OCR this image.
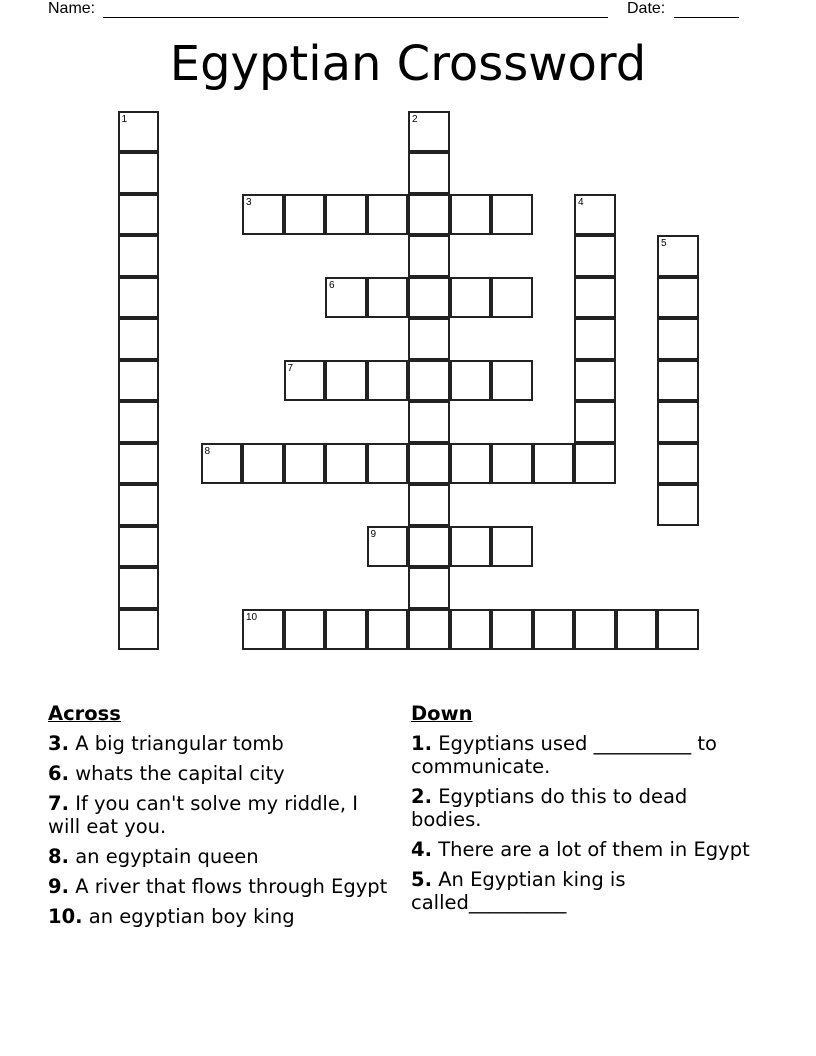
Name:	Date:
Egyptian Crossword
1	2
3	4
5
6
7
8
9
10
Across
3. A big triangular tomb
6. whats the capital city
7. If you can't solve my riddle, I will eat you.
8. an egyptain queen
9. A river that flows through Egypt
10. an egyptian boy king
Down
1. Egyptians used __________ to communicate.
2. Egyptians do this to dead bodies.
4. There are a lot of them in Egypt
5. An Egyptian king is called__________
